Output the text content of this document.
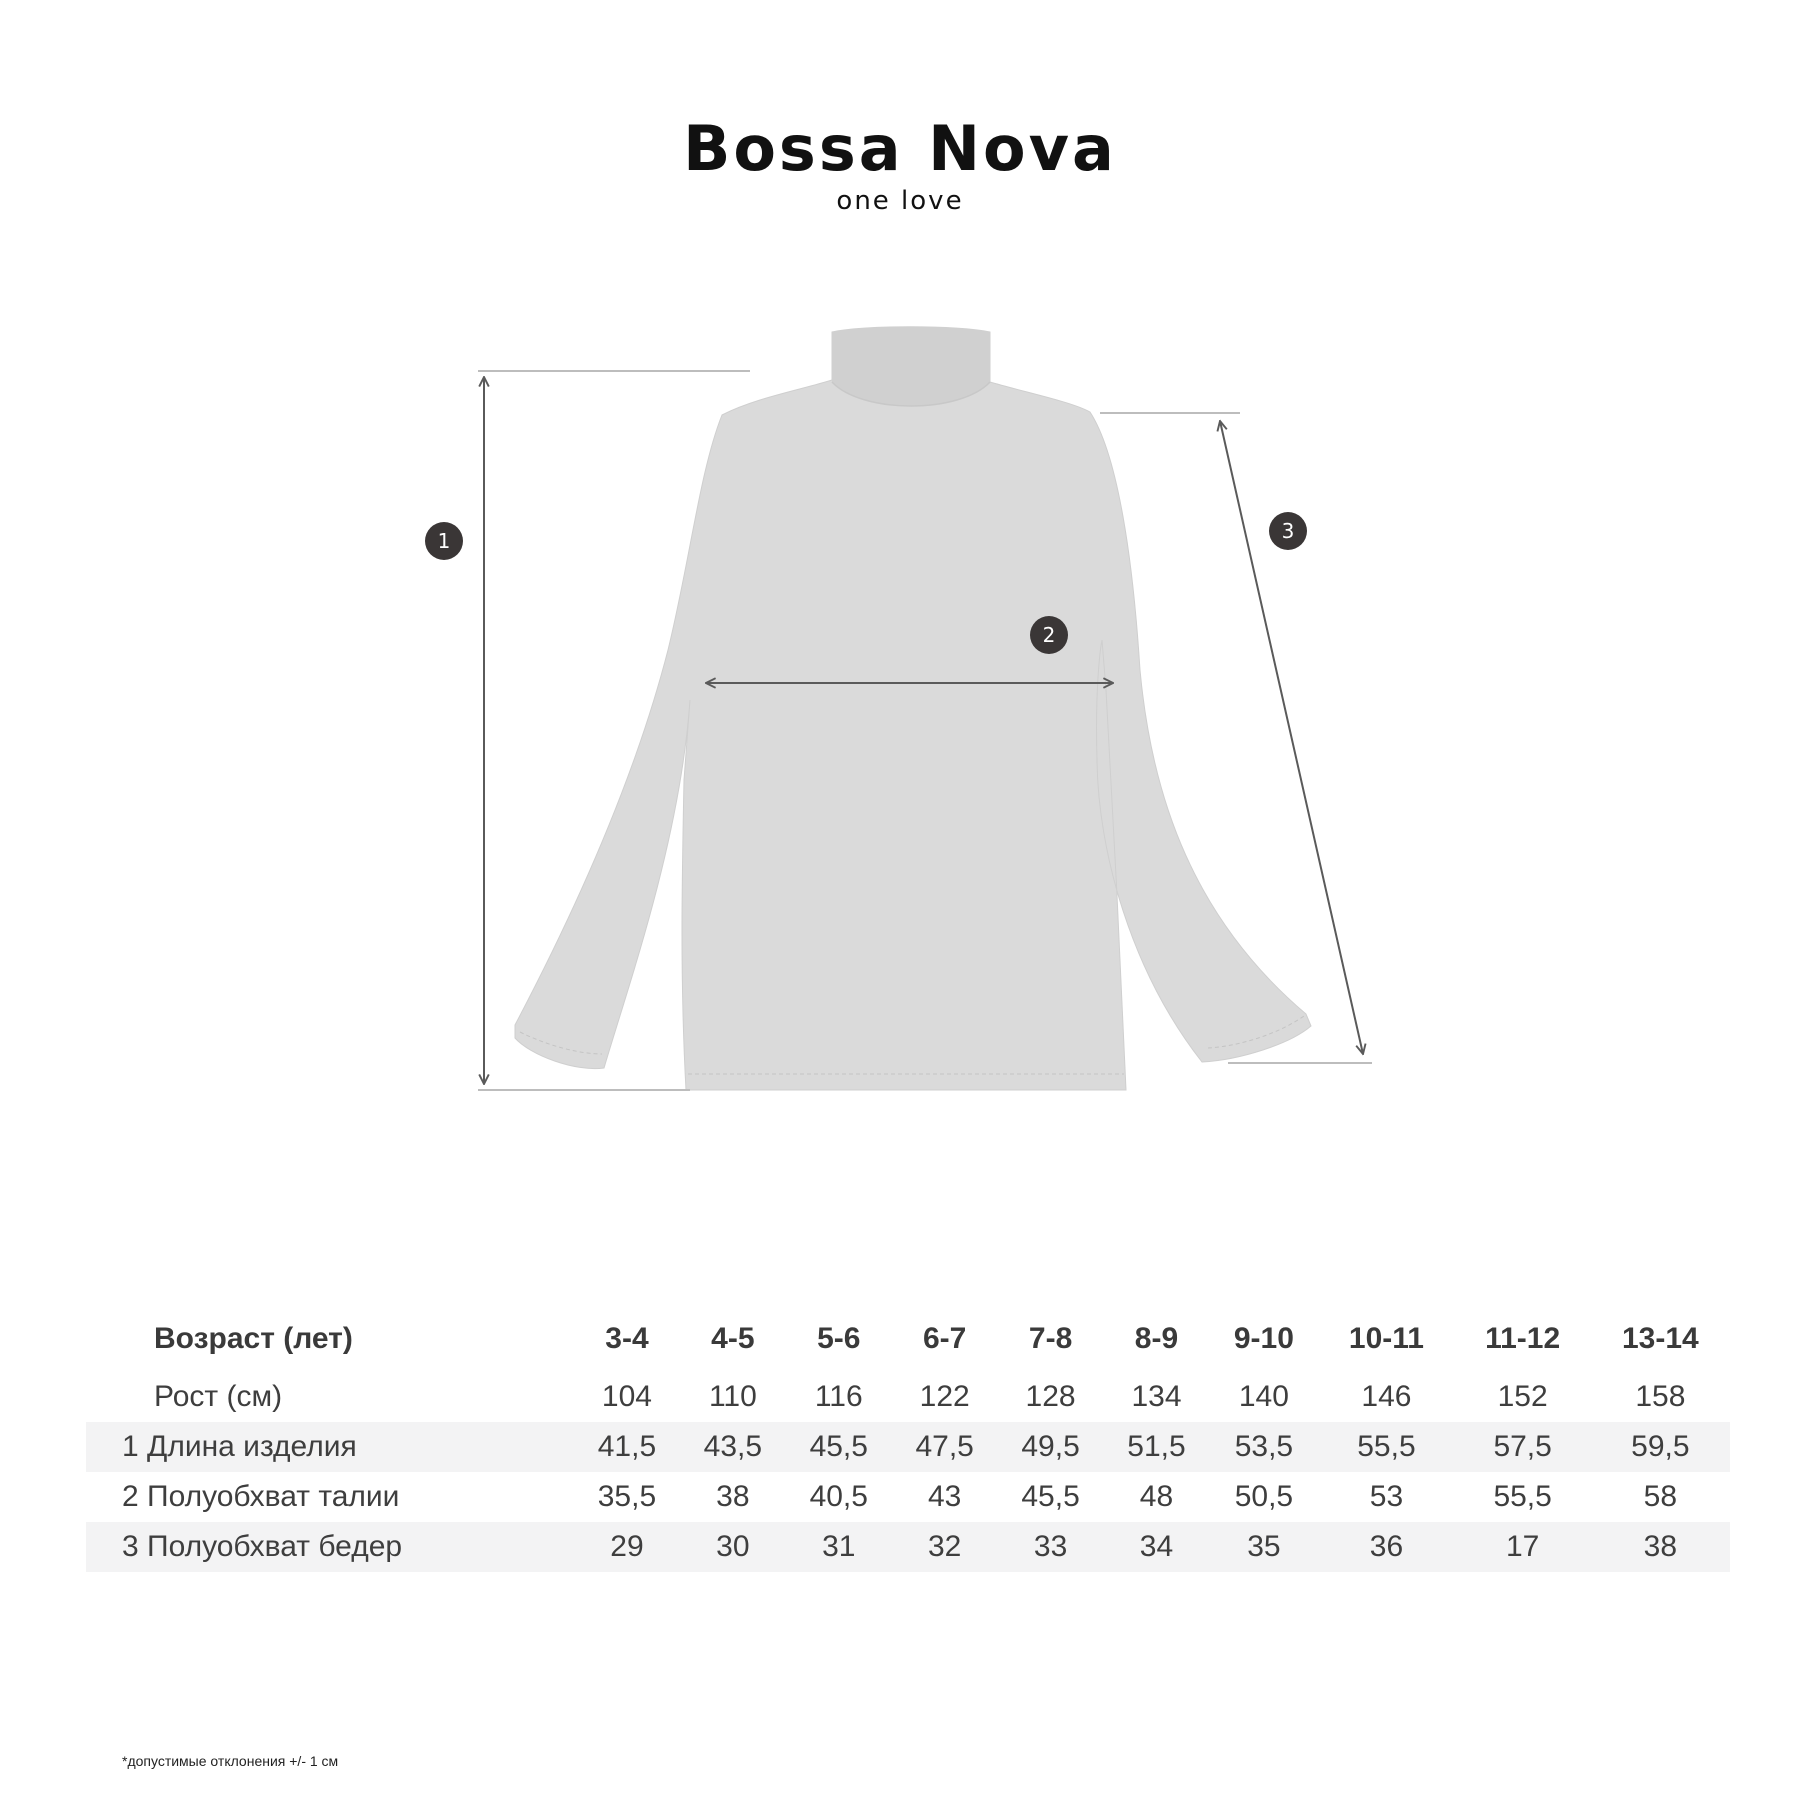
Bossa Nova
one love
1
2
3
Возраст (лет)	3-4	4-5	5-6	6-7	7-8	8-9	9-10	10-11	11-12	13-14
Рост (см)	104	110	116	122	128	134	140	146	152	158
1 Длина изделия	41,5	43,5	45,5	47,5	49,5	51,5	53,5	55,5	57,5	59,5
2 Полуобхват талии	35,5	38	40,5	43	45,5	48	50,5	53	55,5	58
3 Полуобхват бедер	29	30	31	32	33	34	35	36	17	38
*допустимые отклонения +/- 1 см
